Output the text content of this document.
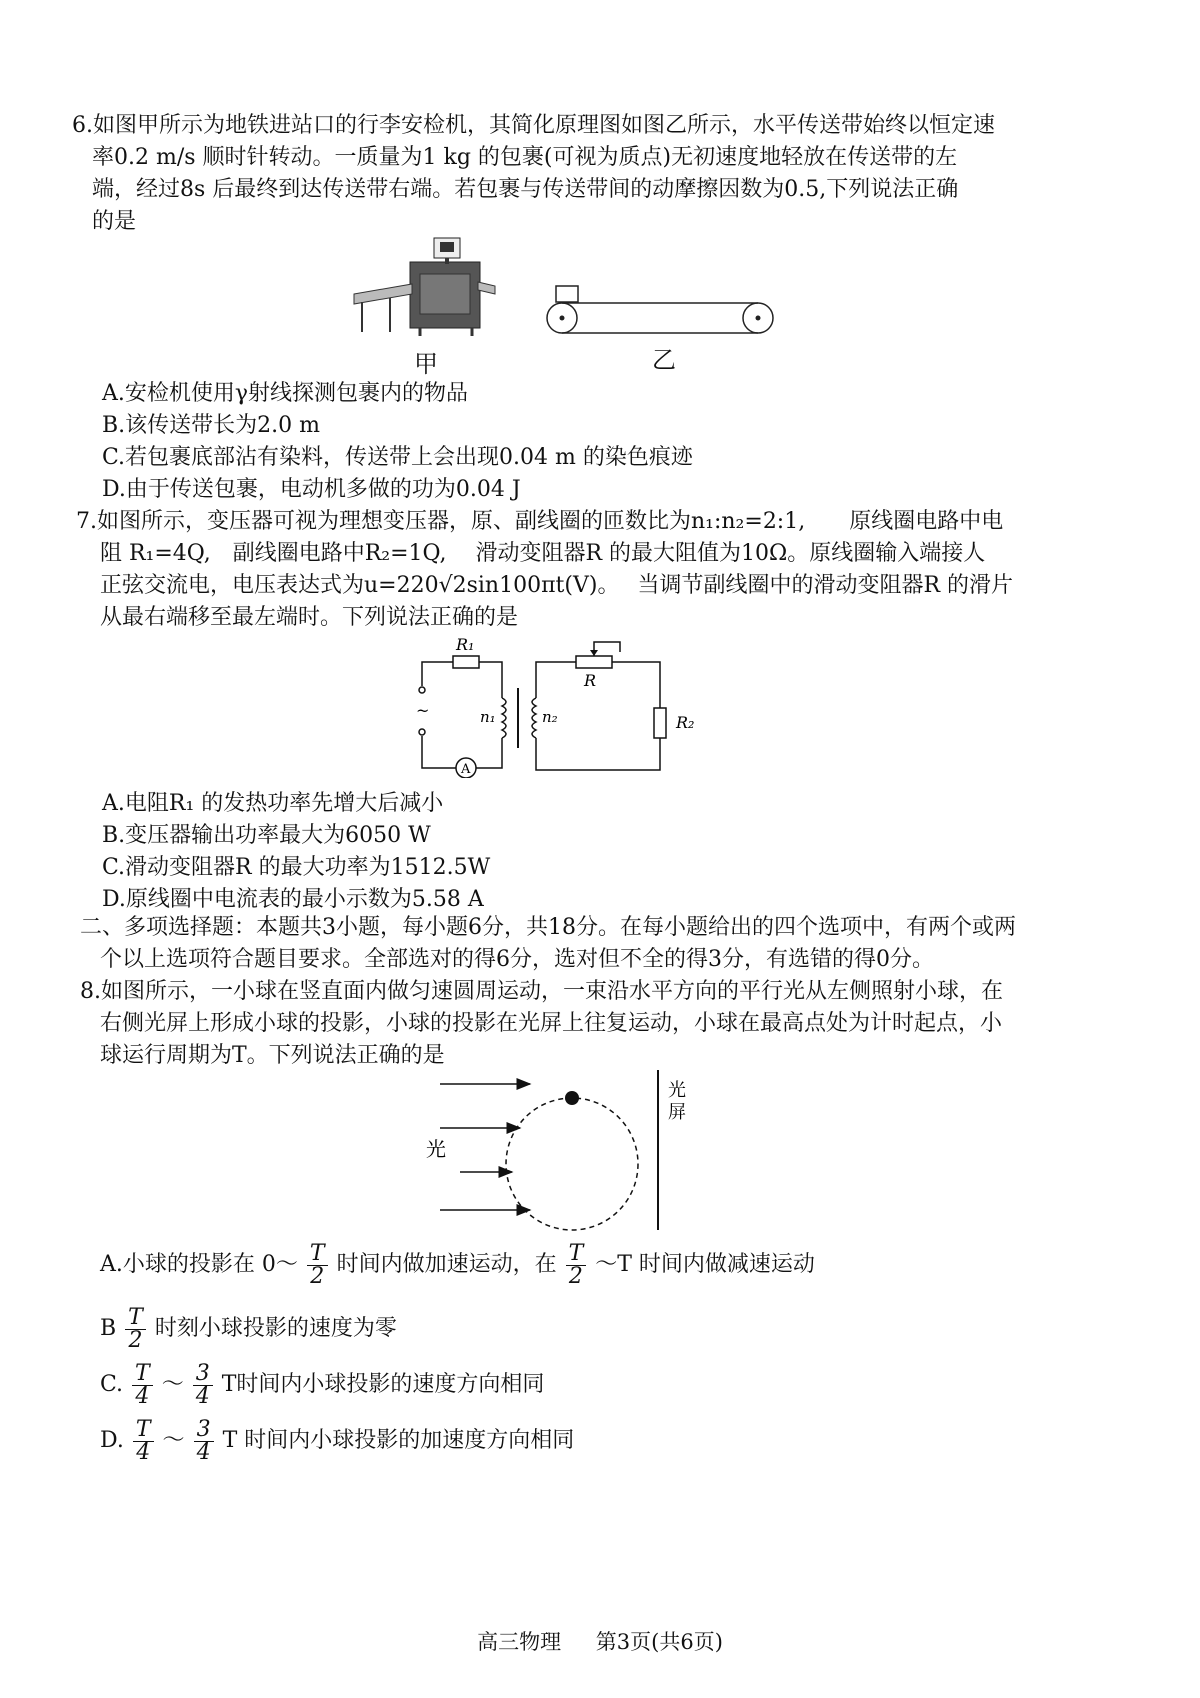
6.如图甲所示为地铁进站口的行李安检机，其简化原理图如图乙所示，水平传送带始终以恒定速
率0.2 m/s 顺时针转动。一质量为1 kg 的包裹(可视为质点)无初速度地轻放在传送带的左
端，经过8s 后最终到达传送带右端。若包裹与传送带间的动摩擦因数为0.5,下列说法正确
的是
甲	乙
A.安检机使用γ射线探测包裹内的物品
B.该传送带长为2.0 m
C.若包裹底部沾有染料，传送带上会出现0.04 m 的染色痕迹
D.由于传送包裹，电动机多做的功为0.04 J
7.如图所示，变压器可视为理想变压器，原、副线圈的匝数比为n₁:n₂=2:1,　　原线圈电路中电
阻 R₁=4Q,　副线圈电路中R₂=1Q,　 滑动变阻器R 的最大阻值为10Ω。原线圈输入端接人
正弦交流电，电压表达式为u=220√2sin100πt(V)。　 当调节副线圈中的滑动变阻器R 的滑片
从最右端移至最左端时。下列说法正确的是
R₁
R
R₂
n₁	n₂
~
A
A.电阻R₁ 的发热功率先增大后减小
B.变压器输出功率最大为6050 W
C.滑动变阻器R 的最大功率为1512.5W
D.原线圈中电流表的最小示数为5.58 A
二、多项选择题：本题共3小题，每小题6分，共18分。在每小题给出的四个选项中，有两个或两
个以上选项符合题目要求。全部选对的得6分，选对但不全的得3分，有选错的得0分。
8.如图所示，一小球在竖直面内做匀速圆周运动，一束沿水平方向的平行光从左侧照射小球，在
右侧光屏上形成小球的投影，小球的投影在光屏上往复运动，小球在最高点处为计时起点，小
球运行周期为T。下列说法正确的是
光
光
屏
A.小球的投影在 0～ $\frac{T}{2}$ 时间内做加速运动，在 $\frac{T}{2}$ ～T 时间内做减速运动
B $\frac{T}{2}$ 时刻小球投影的速度为零
C. $\frac{T}{4}$ ～ $\frac{3}{4}$ T时间内小球投影的速度方向相同
D. $\frac{T}{4}$ ～ $\frac{3}{4}$ T 时间内小球投影的加速度方向相同
高三物理 第3页(共6页)
